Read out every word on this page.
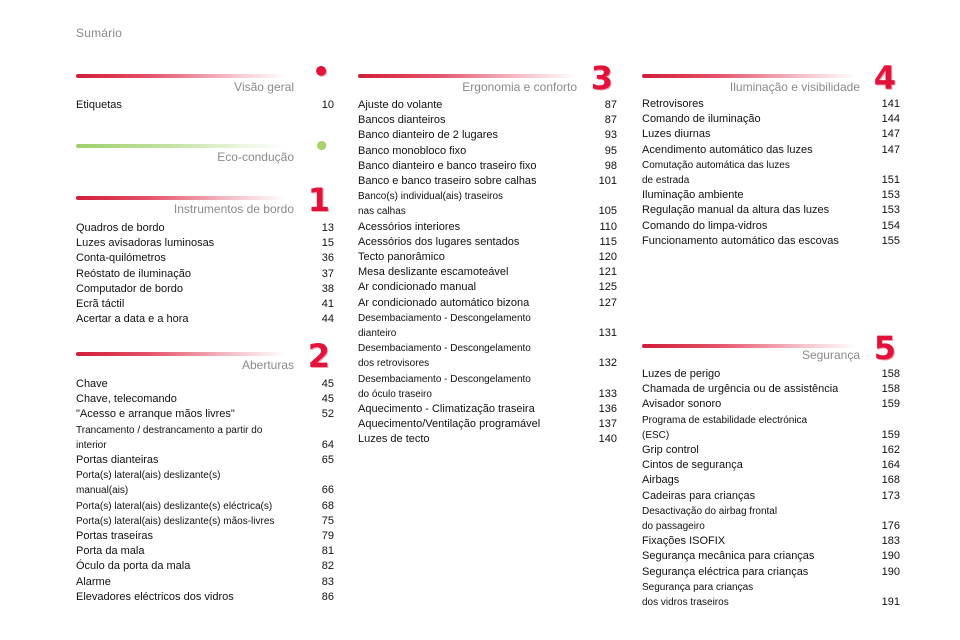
Sumário
Visão geral •
Etiquetas	10
Eco-condução •
Instrumentos de bordo 1
Quadros de bordo	13
Luzes avisadoras luminosas	15
Conta-quilómetros	36
Reóstato de iluminação	37
Computador de bordo	38
Ecrã táctil	41
Acertar a data e a hora	44
Aberturas 2
Chave	45
Chave, telecomando	45
"Acesso e arranque mãos livres"	52
Trancamento / destrancamento a partir do
interior	64
Portas dianteiras	65
Porta(s) lateral(ais) deslizante(s)
manual(ais)	66
Porta(s) lateral(ais) deslizante(s) eléctrica(s)	68
Porta(s) lateral(ais) deslizante(s) mãos-livres	75
Portas traseiras	79
Porta da mala	81
Óculo da porta da mala	82
Alarme	83
Elevadores eléctricos dos vidros	86
Ergonomia e conforto 3
Ajuste do volante	87
Bancos dianteiros	87
Banco dianteiro de 2 lugares	93
Banco monobloco fixo	95
Banco dianteiro e banco traseiro fixo	98
Banco e banco traseiro sobre calhas	101
Banco(s) individual(ais) traseiros
nas calhas	105
Acessórios interiores	110
Acessórios dos lugares sentados	115
Tecto panorâmico	120
Mesa deslizante escamoteável	121
Ar condicionado manual	125
Ar condicionado automático bizona	127
Desembaciamento - Descongelamento
dianteiro	131
Desembaciamento - Descongelamento
dos retrovisores	132
Desembaciamento - Descongelamento
do óculo traseiro	133
Aquecimento - Climatização traseira	136
Aquecimento/Ventilação programável	137
Luzes de tecto	140
Iluminação e visibilidade 4
Retrovisores	141
Comando de iluminação	144
Luzes diurnas	147
Acendimento automático das luzes	147
Comutação automática das luzes
de estrada	151
Iluminação ambiente	153
Regulação manual da altura das luzes	153
Comando do limpa-vidros	154
Funcionamento automático das escovas	155
Segurança 5
Luzes de perigo	158
Chamada de urgência ou de assistência	158
Avisador sonoro	159
Programa de estabilidade electrónica
(ESC)	159
Grip control	162
Cintos de segurança	164
Airbags	168
Cadeiras para crianças	173
Desactivação do airbag frontal
do passageiro	176
Fixações ISOFIX	183
Segurança mecânica para crianças	190
Segurança eléctrica para crianças	190
Segurança para crianças
dos vidros traseiros	191
